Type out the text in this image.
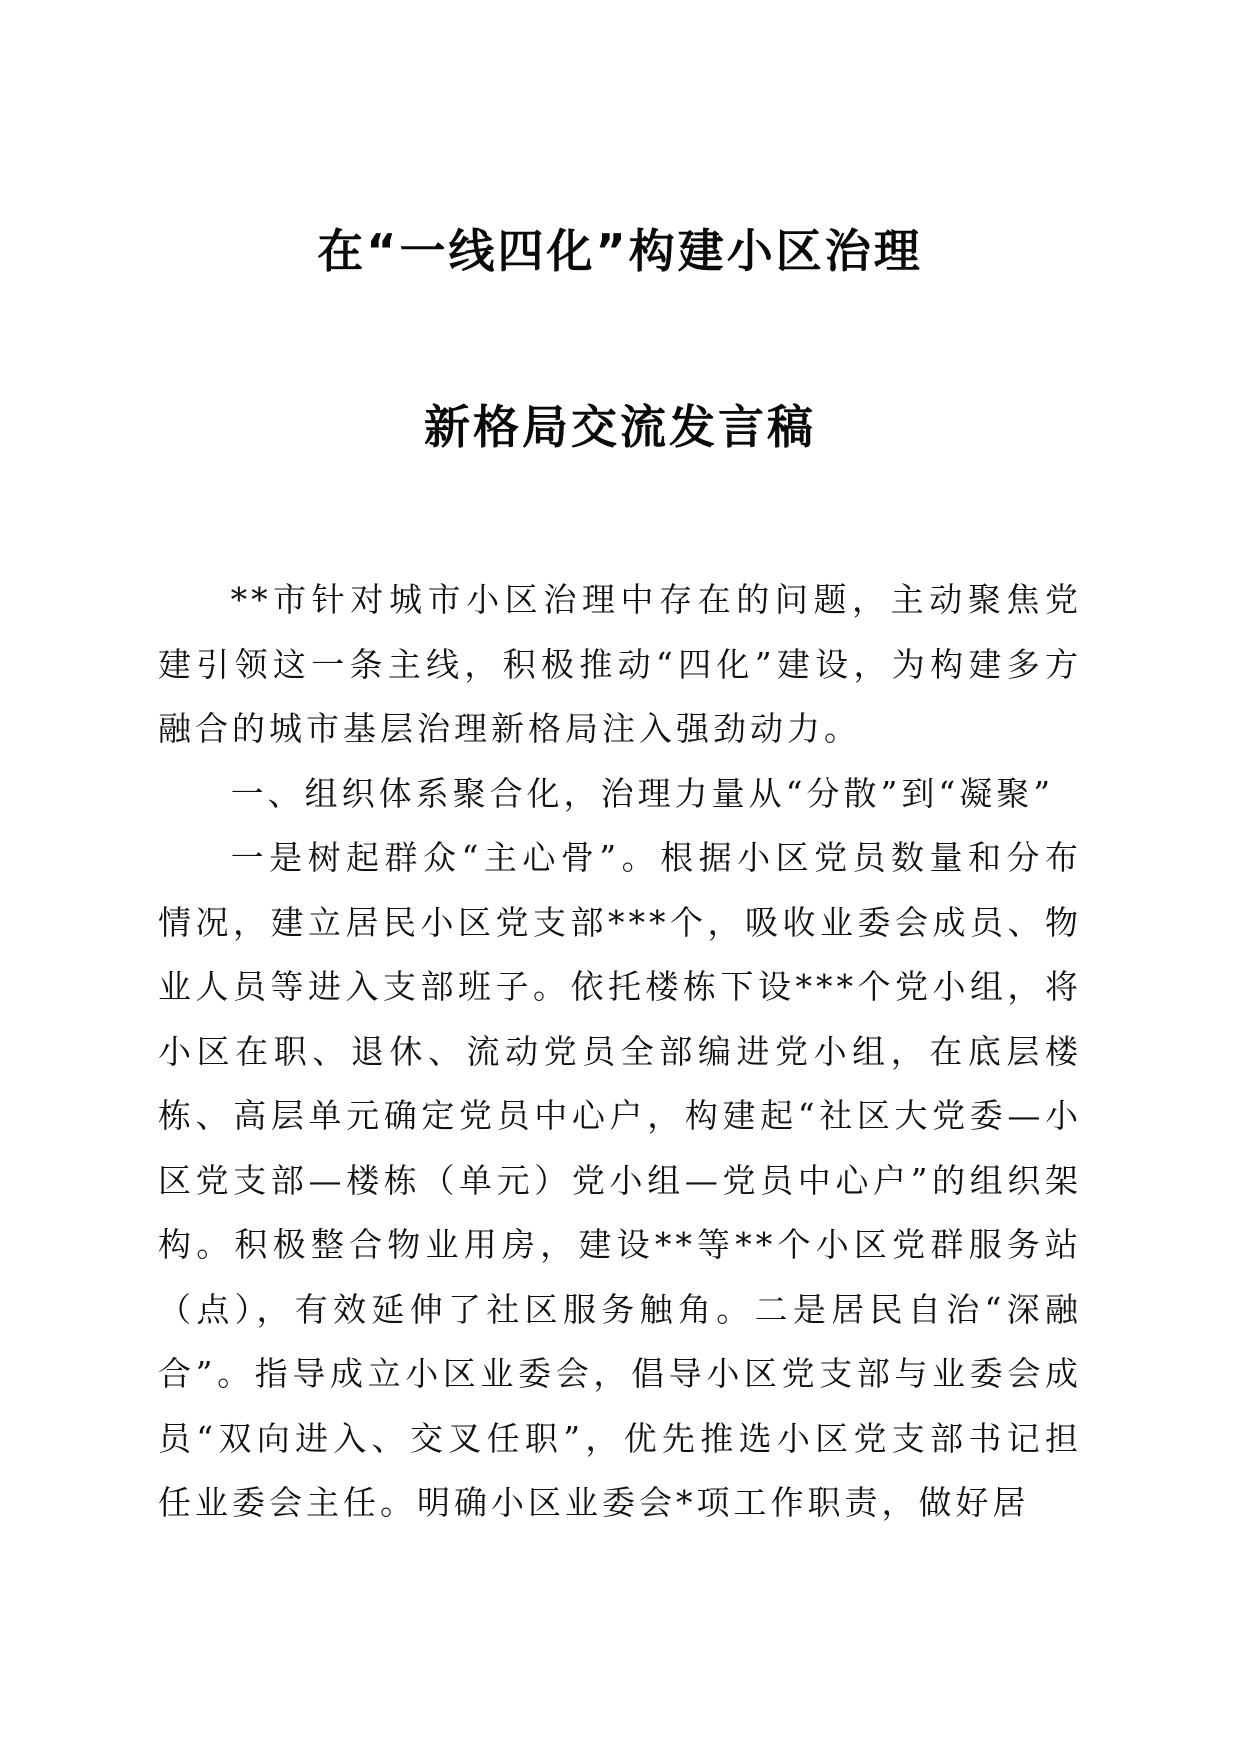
在“一线四化”构建小区治理
新格局交流发言稿

**市针对城市小区治理中存在的问题，主动聚焦党建引领这一条主线，积极推动“四化”建设，为构建多方融合的城市基层治理新格局注入强劲动力。

一、组织体系聚合化，治理力量从“分散”到“凝聚”

一是树起群众“主心骨”。根据小区党员数量和分布情况，建立居民小区党支部***个，吸收业委会成员、物业人员等进入支部班子。依托楼栋下设***个党小组，将小区在职、退休、流动党员全部编进党小组，在底层楼栋、高层单元确定党员中心户，构建起“社区大党委—小区党支部—楼栋（单元）党小组—党员中心户”的组织架构。积极整合物业用房，建设**等**个小区党群服务站（点），有效延伸了社区服务触角。二是居民自治“深融合”。指导成立小区业委会，倡导小区党支部与业委会成员“双向进入、交叉任职”，优先推选小区党支部书记担任业委会主任。明确小区业委会*项工作职责，做好居
